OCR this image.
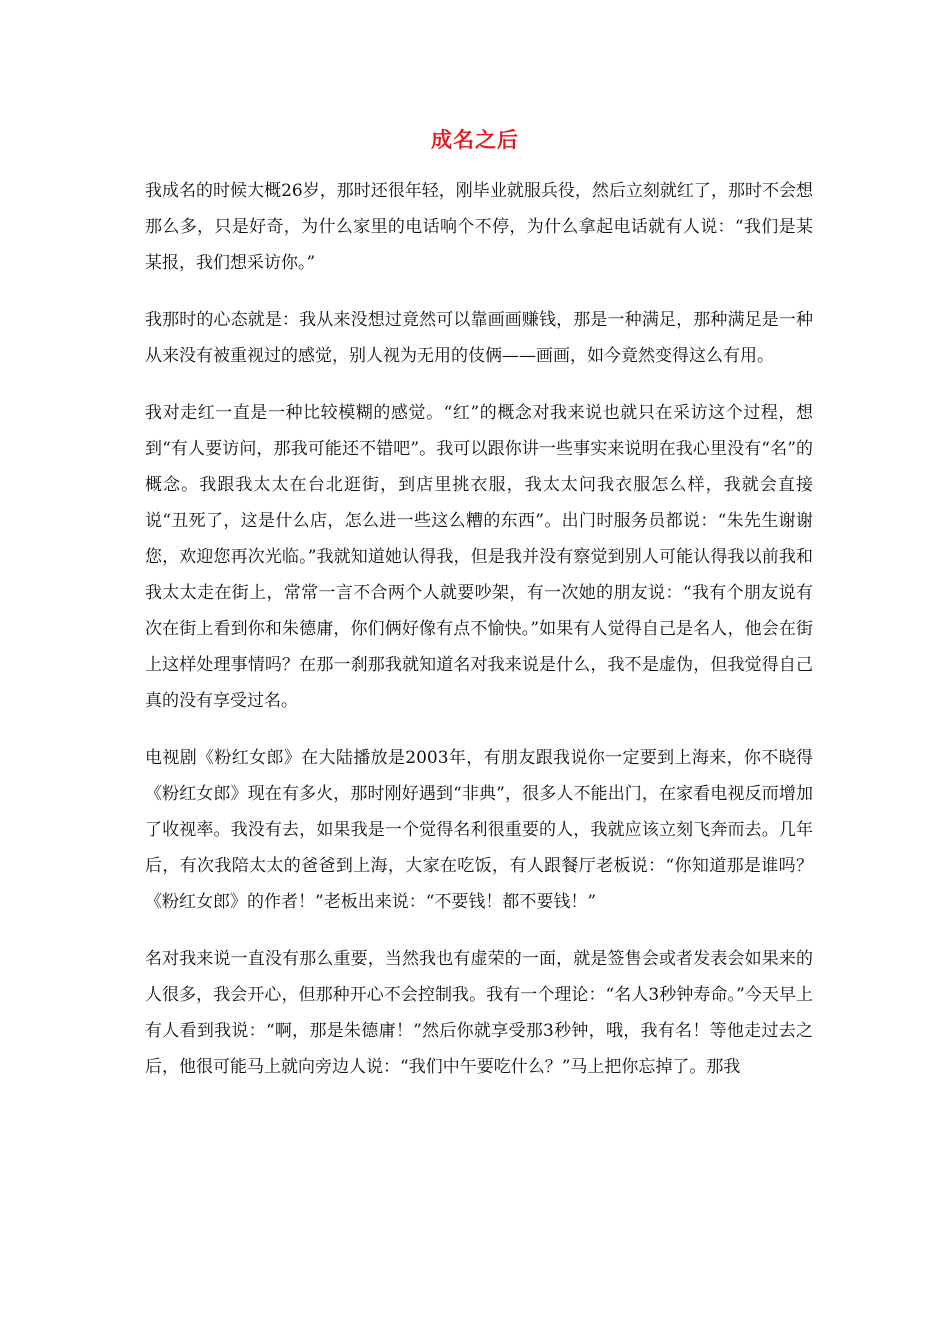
成名之后

我成名的时候大概26岁，那时还很年轻，刚毕业就服兵役，然后立刻就红了，那时不会想那么多，只是好奇，为什么家里的电话响个不停，为什么拿起电话就有人说：“我们是某某报，我们想采访你。”

我那时的心态就是：我从来没想过竟然可以靠画画赚钱，那是一种满足，那种满足是一种从来没有被重视过的感觉，别人视为无用的伎俩——画画，如今竟然变得这么有用。

我对走红一直是一种比较模糊的感觉。“红”的概念对我来说也就只在采访这个过程，想到“有人要访问，那我可能还不错吧”。我可以跟你讲一些事实来说明在我心里没有“名”的概念。我跟我太太在台北逛街，到店里挑衣服，我太太问我衣服怎么样，我就会直接说“丑死了，这是什么店，怎么进一些这么糟的东西”。出门时服务员都说：“朱先生谢谢您，欢迎您再次光临。”我就知道她认得我，但是我并没有察觉到别人可能认得我以前我和我太太走在街上，常常一言不合两个人就要吵架，有一次她的朋友说：“我有个朋友说有次在街上看到你和朱德庸，你们俩好像有点不愉快。”如果有人觉得自己是名人，他会在街上这样处理事情吗？在那一刹那我就知道名对我来说是什么，我不是虚伪，但我觉得自己真的没有享受过名。

电视剧《粉红女郎》在大陆播放是2003年，有朋友跟我说你一定要到上海来，你不晓得《粉红女郎》现在有多火，那时刚好遇到“非典”，很多人不能出门，在家看电视反而增加了收视率。我没有去，如果我是一个觉得名利很重要的人，我就应该立刻飞奔而去。几年后，有次我陪太太的爸爸到上海，大家在吃饭，有人跟餐厅老板说：“你知道那是谁吗？《粉红女郎》的作者！”老板出来说：“不要钱！都不要钱！”

名对我来说一直没有那么重要，当然我也有虚荣的一面，就是签售会或者发表会如果来的人很多，我会开心，但那种开心不会控制我。我有一个理论：“名人3秒钟寿命。”今天早上有人看到我说：“啊，那是朱德庸！”然后你就享受那3秒钟，哦，我有名！等他走过去之后，他很可能马上就向旁边人说：“我们中午要吃什么？”马上把你忘掉了。那我
